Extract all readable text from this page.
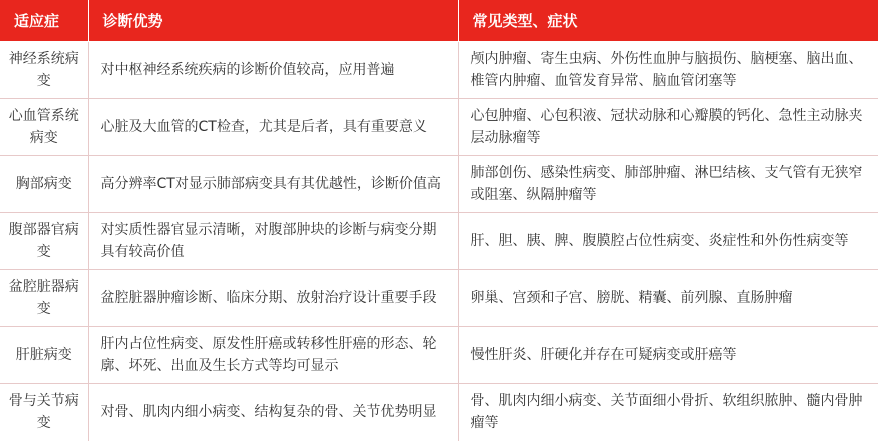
适应症	诊断优势	常见类型、症状
神经系统病变	对中枢神经系统疾病的诊断价值较高，应用普遍	颅内肿瘤、寄生虫病、外伤性血肿与脑损伤、脑梗塞、脑出血、椎管内肿瘤、血管发育异常、脑血管闭塞等
心血管系统病变	心脏及大血管的CT检查，尤其是后者，具有重要意义	心包肿瘤、心包积液、冠状动脉和心瓣膜的钙化、急性主动脉夹层动脉瘤等
胸部病变	高分辨率CT对显示肺部病变具有其优越性，诊断价值高	肺部创伤、感染性病变、肺部肿瘤、淋巴结核、支气管有无狭窄或阻塞、纵隔肿瘤等
腹部器官病变	对实质性器官显示清晰，对腹部肿块的诊断与病变分期具有较高价值	肝、胆、胰、脾、腹膜腔占位性病变、炎症性和外伤性病变等
盆腔脏器病变	盆腔脏器肿瘤诊断、临床分期、放射治疗设计重要手段	卵巢、宫颈和子宫、膀胱、精囊、前列腺、直肠肿瘤
肝脏病变	肝内占位性病变、原发性肝癌或转移性肝癌的形态、轮廓、坏死、出血及生长方式等均可显示	慢性肝炎、肝硬化并存在可疑病变或肝癌等
骨与关节病变	对骨、肌肉内细小病变、结构复杂的骨、关节优势明显	骨、肌肉内细小病变、关节面细小骨折、软组织脓肿、髓内骨肿瘤等
